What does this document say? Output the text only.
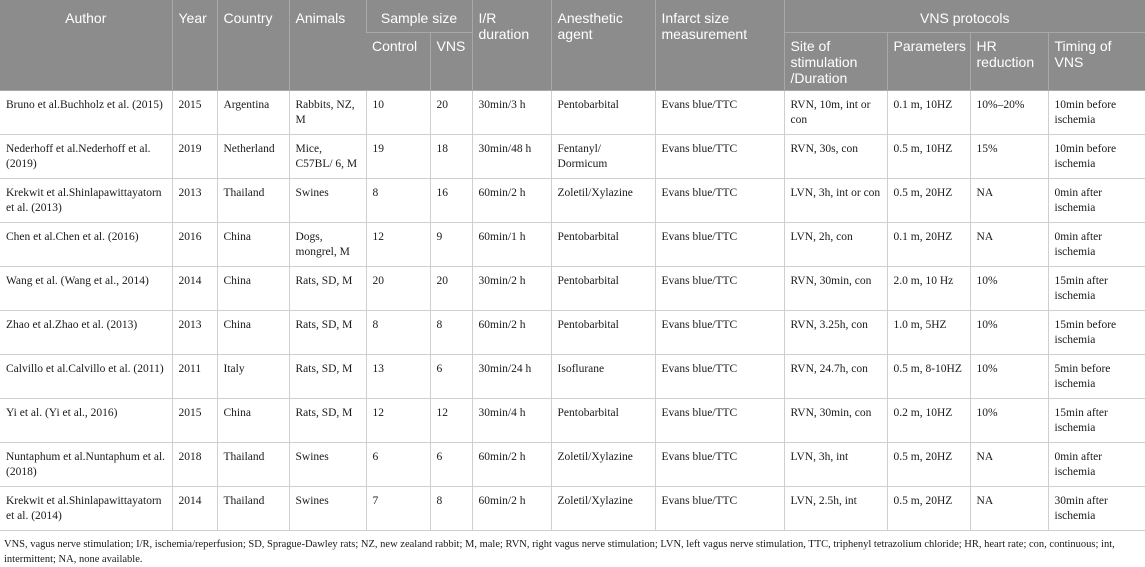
Author	Year	Country	Animals	Sample size		I/R duration	Anesthetic agent	Infarct size measurement	VNS protocols			
				Control	VNS				Site of stimulation /Duration	Parameters	HR reduction	Timing of VNS
Bruno et al.Buchholz et al. (2015)	2015	Argentina	Rabbits, NZ, M	10	20	30min/3 h	Pentobarbital	Evans blue/TTC	RVN, 10m, int or con	0.1 m, 10HZ	10%–20%	10min before ischemia
Nederhoff et al.Nederhoff et al. (2019)	2019	Netherland	Mice, C57BL/ 6, M	19	18	30min/48 h	Fentanyl/ Dormicum	Evans blue/TTC	RVN, 30s, con	0.5 m, 10HZ	15%	10min before ischemia
Krekwit et al.Shinlapawittayatorn et al. (2013)	2013	Thailand	Swines	8	16	60min/2 h	Zoletil/Xylazine	Evans blue/TTC	LVN, 3h, int or con	0.5 m, 20HZ	NA	0min after ischemia
Chen et al.Chen et al. (2016)	2016	China	Dogs, mongrel, M	12	9	60min/1 h	Pentobarbital	Evans blue/TTC	LVN, 2h, con	0.1 m, 20HZ	NA	0min after ischemia
Wang et al. (Wang et al., 2014)	2014	China	Rats, SD, M	20	20	30min/2 h	Pentobarbital	Evans blue/TTC	RVN, 30min, con	2.0 m, 10 Hz	10%	15min after ischemia
Zhao et al.Zhao et al. (2013)	2013	China	Rats, SD, M	8	8	60min/2 h	Pentobarbital	Evans blue/TTC	RVN, 3.25h, con	1.0 m, 5HZ	10%	15min before ischemia
Calvillo et al.Calvillo et al. (2011)	2011	Italy	Rats, SD, M	13	6	30min/24 h	Isoflurane	Evans blue/TTC	RVN, 24.7h, con	0.5 m, 8-10HZ	10%	5min before ischemia
Yi et al. (Yi et al., 2016)	2015	China	Rats, SD, M	12	12	30min/4 h	Pentobarbital	Evans blue/TTC	RVN, 30min, con	0.2 m, 10HZ	10%	15min after ischemia
Nuntaphum et al.Nuntaphum et al. (2018)	2018	Thailand	Swines	6	6	60min/2 h	Zoletil/Xylazine	Evans blue/TTC	LVN, 3h, int	0.5 m, 20HZ	NA	0min after ischemia
Krekwit et al.Shinlapawittayatorn et al. (2014)	2014	Thailand	Swines	7	8	60min/2 h	Zoletil/Xylazine	Evans blue/TTC	LVN, 2.5h, int	0.5 m, 20HZ	NA	30min after ischemia
VNS, vagus nerve stimulation; I/R, ischemia/reperfusion; SD, Sprague-Dawley rats; NZ, new zealand rabbit; M, male; RVN, right vagus nerve stimulation; LVN, left vagus nerve stimulation, TTC, triphenyl tetrazolium chloride; HR, heart rate; con, continuous; int, intermittent; NA, none available.
